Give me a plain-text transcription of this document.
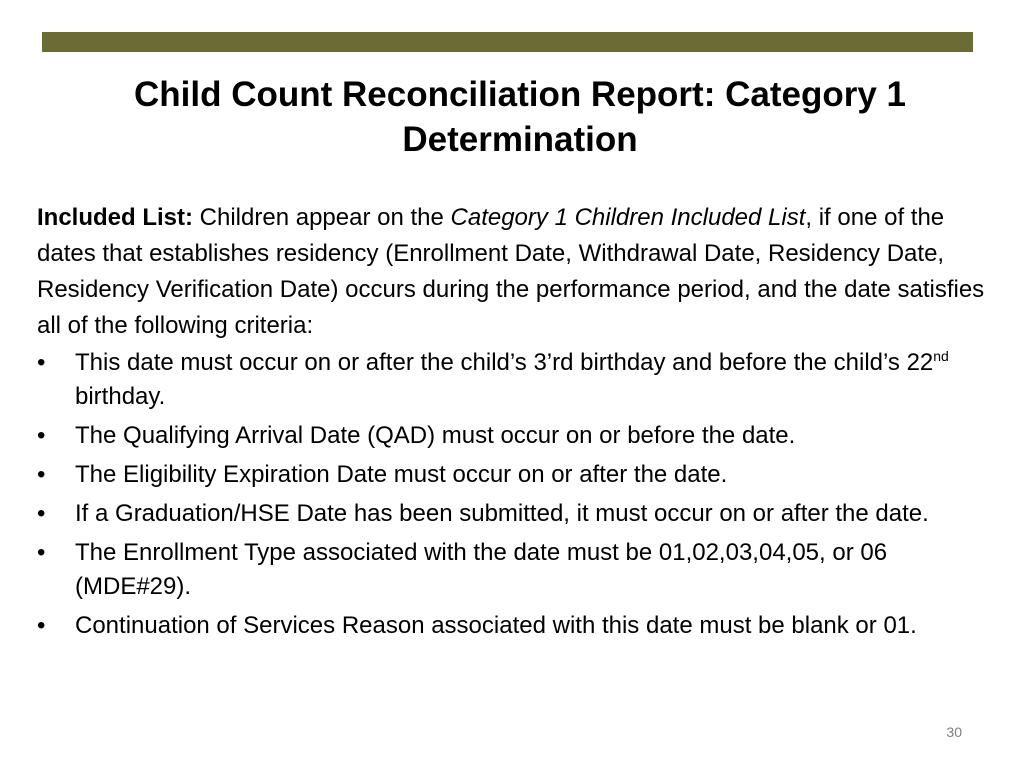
Child Count Reconciliation Report: Category 1 Determination

Included List: Children appear on the Category 1 Children Included List, if one of the dates that establishes residency (Enrollment Date, Withdrawal Date, Residency Date, Residency Verification Date) occurs during the performance period, and the date satisfies all of the following criteria:

•	This date must occur on or after the child’s 3’rd birthday and before the child’s 22nd birthday.
•	The Qualifying Arrival Date (QAD) must occur on or before the date.
•	The Eligibility Expiration Date must occur on or after the date.
•	If a Graduation/HSE Date has been submitted, it must occur on or after the date.
•	The Enrollment Type associated with the date must be 01,02,03,04,05, or 06 (MDE#29).
•	Continuation of Services Reason associated with this date must be blank or 01.
30
